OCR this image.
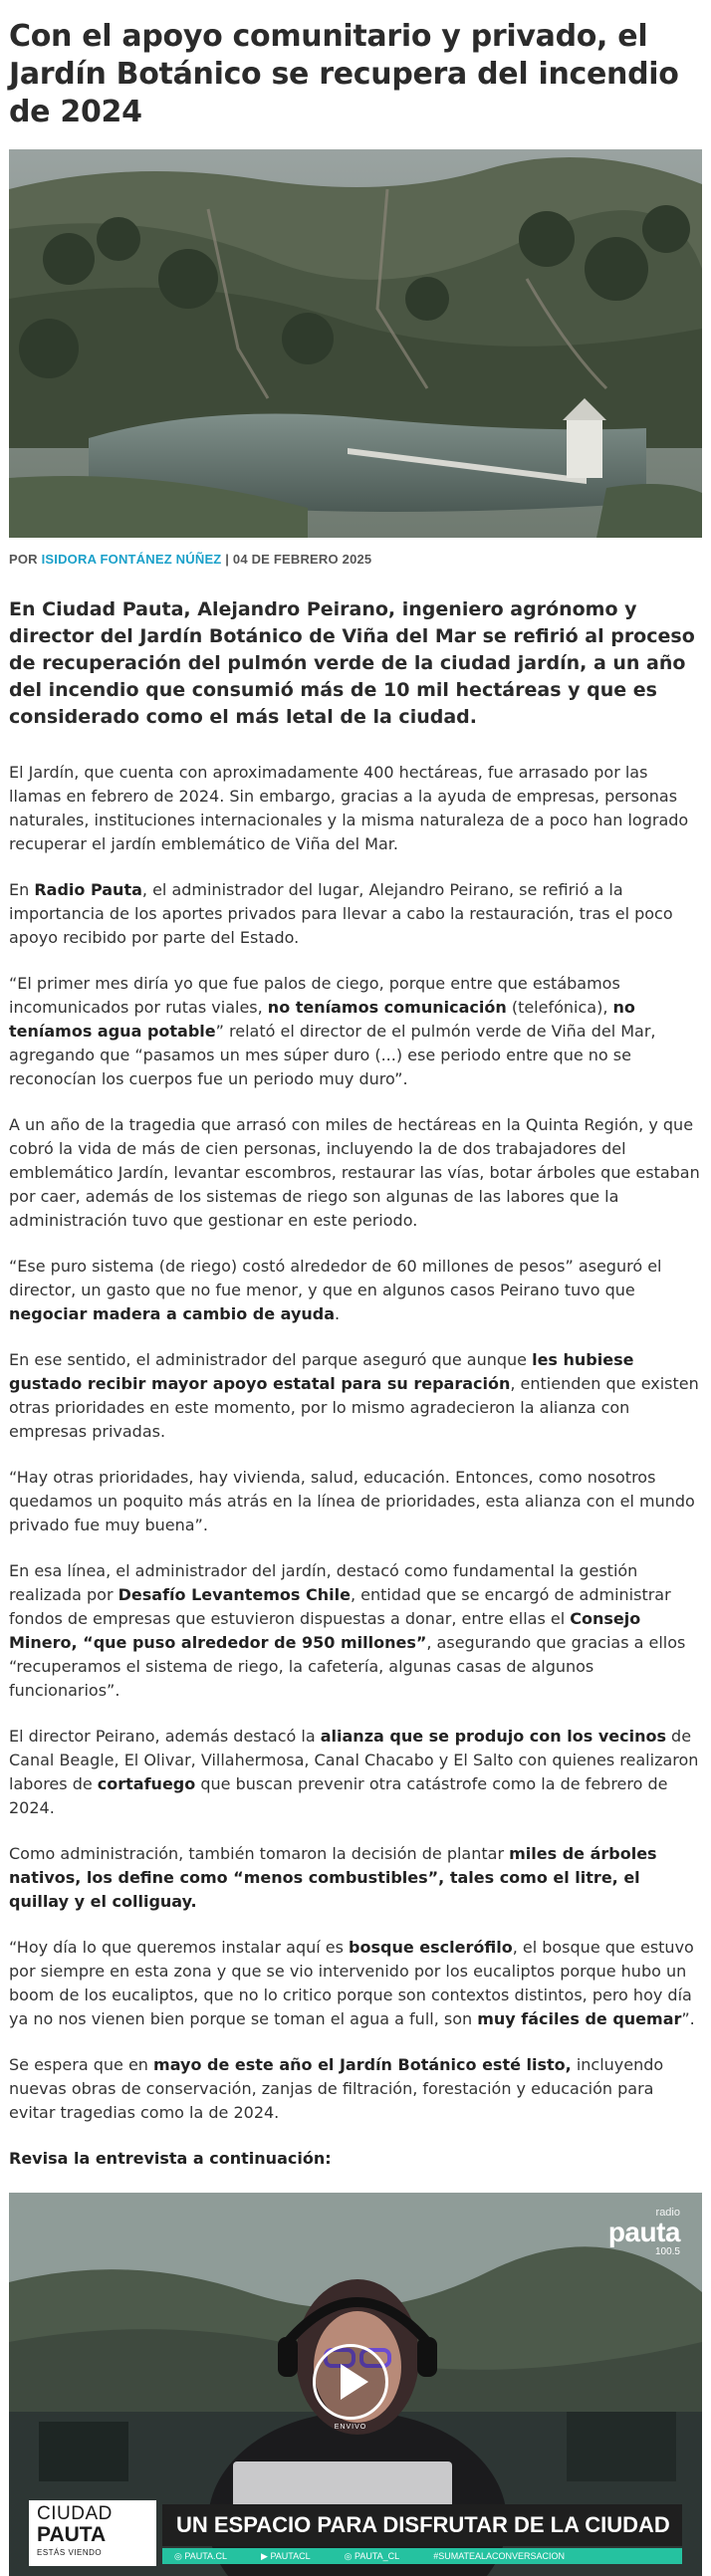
Con el apoyo comunitario y privado, el Jardín Botánico se recupera del incendio de 2024

POR ISIDORA FONTÁNEZ NÚÑEZ | 04 DE FEBRERO 2025

En Ciudad Pauta, Alejandro Peirano, ingeniero agrónomo y director del Jardín Botánico de Viña del Mar se refirió al proceso de recuperación del pulmón verde de la ciudad jardín, a un año del incendio que consumió más de 10 mil hectáreas y que es considerado como el más letal de la ciudad.

El Jardín, que cuenta con aproximadamente 400 hectáreas, fue arrasado por las llamas en febrero de 2024. Sin embargo, gracias a la ayuda de empresas, personas naturales, instituciones internacionales y la misma naturaleza de a poco han logrado recuperar el jardín emblemático de Viña del Mar.

En Radio Pauta, el administrador del lugar, Alejandro Peirano, se refirió a la importancia de los aportes privados para llevar a cabo la restauración, tras el poco apoyo recibido por parte del Estado.

“El primer mes diría yo que fue palos de ciego, porque entre que estábamos incomunicados por rutas viales, no teníamos comunicación (telefónica), no teníamos agua potable” relató el director de el pulmón verde de Viña del Mar, agregando que “pasamos un mes súper duro (...) ese periodo entre que no se reconocían los cuerpos fue un periodo muy duro”.

A un año de la tragedia que arrasó con miles de hectáreas en la Quinta Región, y que cobró la vida de más de cien personas, incluyendo la de dos trabajadores del emblemático Jardín, levantar escombros, restaurar las vías, botar árboles que estaban por caer, además de los sistemas de riego son algunas de las labores que la administración tuvo que gestionar en este periodo.

“Ese puro sistema (de riego) costó alrededor de 60 millones de pesos” aseguró el director, un gasto que no fue menor, y que en algunos casos Peirano tuvo que negociar madera a cambio de ayuda.

En ese sentido, el administrador del parque aseguró que aunque les hubiese gustado recibir mayor apoyo estatal para su reparación, entienden que existen otras prioridades en este momento, por lo mismo agradecieron la alianza con empresas privadas.

“Hay otras prioridades, hay vivienda, salud, educación. Entonces, como nosotros quedamos un poquito más atrás en la línea de prioridades, esta alianza con el mundo privado fue muy buena”.

En esa línea, el administrador del jardín, destacó como fundamental la gestión realizada por Desafío Levantemos Chile, entidad que se encargó de administrar fondos de empresas que estuvieron dispuestas a donar, entre ellas el Consejo Minero, “que puso alrededor de 950 millones”, asegurando que gracias a ellos “recuperamos el sistema de riego, la cafetería, algunas casas de algunos funcionarios”.

El director Peirano, además destacó la alianza que se produjo con los vecinos de Canal Beagle, El Olivar, Villahermosa, Canal Chacabo y El Salto con quienes realizaron labores de cortafuego que buscan prevenir otra catástrofe como la de febrero de 2024.

Como administración, también tomaron la decisión de plantar miles de árboles nativos, los define como “menos combustibles”, tales como el litre, el quillay y el colliguay.

“Hoy día lo que queremos instalar aquí es bosque esclerófilo, el bosque que estuvo por siempre en esta zona y que se vio intervenido por los eucaliptos porque hubo un boom de los eucaliptos, que no lo critico porque son contextos distintos, pero hoy día ya no nos vienen bien porque se toman el agua a full, son muy fáciles de quemar”.

Se espera que en mayo de este año el Jardín Botánico esté listo, incluyendo nuevas obras de conservación, zanjas de filtración, forestación y educación para evitar tragedias como la de 2024.

Revisa la entrevista a continuación:

radio
pauta
100.5
ENVIVO
CIUDAD
PAUTA
ESTÁS VIENDO
UN ESPACIO PARA DISFRUTAR DE LA CIUDAD
◎ PAUTA.CL	▶ PAUTACL	◎ PAUTA_CL	#SUMATEALACONVERSACION
